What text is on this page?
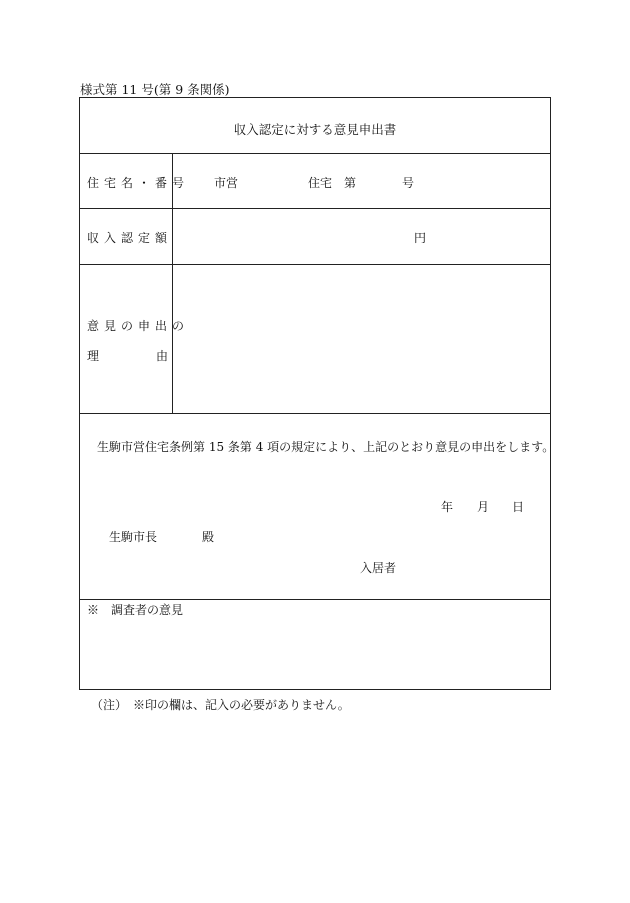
様式第 11 号(第 9 条関係)
収入認定に対する意見申出書
住宅名・番号 市営	住宅 第	号
収入認定額	円
意見の申出の
理	由
生駒市営住宅条例第 15 条第 4 項の規定により、上記のとおり意見の申出をします。
年 月 日
生駒市長	殿
入居者
※　調査者の意見
（注）　※印の欄は、記入の必要がありません。
